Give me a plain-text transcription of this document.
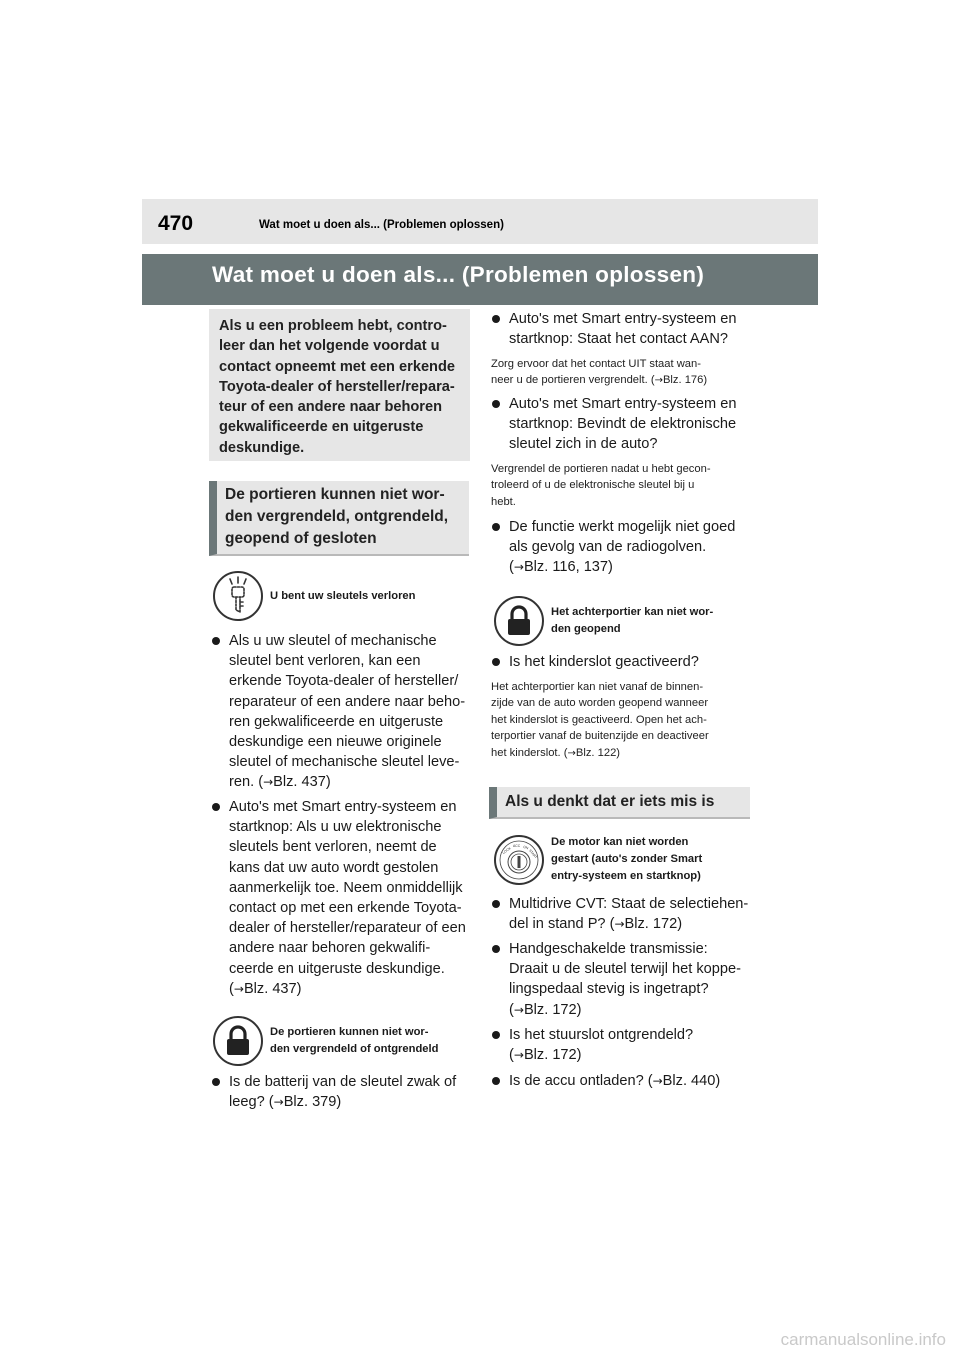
470	Wat moet u doen als... (Problemen oplossen)
Wat moet u doen als... (Problemen oplossen)
Als u een probleem hebt, contro-
leer dan het volgende voordat u
contact opneemt met een erkende
Toyota-dealer of hersteller/repara-
teur of een andere naar behoren
gekwalificeerde en uitgeruste
deskundige.
De portieren kunnen niet wor-
den vergrendeld, ontgrendeld,
geopend of gesloten
U bent uw sleutels verloren
Als u uw sleutel of mechanische
sleutel bent verloren, kan een
erkende Toyota-dealer of hersteller/
reparateur of een andere naar beho-
ren gekwalificeerde en uitgeruste
deskundige een nieuwe originele
sleutel of mechanische sleutel leve-
ren. (→Blz. 437)
Auto's met Smart entry-systeem en
startknop: Als u uw elektronische
sleutels bent verloren, neemt de
kans dat uw auto wordt gestolen
aanmerkelijk toe. Neem onmiddellijk
contact op met een erkende Toyota-
dealer of hersteller/reparateur of een
andere naar behoren gekwalifi-
ceerde en uitgeruste deskundige.
(→Blz. 437)
De portieren kunnen niet wor-
den vergrendeld of ontgrendeld
Is de batterij van de sleutel zwak of
leeg? (→Blz. 379)
Auto's met Smart entry-systeem en
startknop: Staat het contact AAN?
Zorg ervoor dat het contact UIT staat wan-
neer u de portieren vergrendelt. (→Blz. 176)
Auto's met Smart entry-systeem en
startknop: Bevindt de elektronische
sleutel zich in de auto?
Vergrendel de portieren nadat u hebt gecon-
troleerd of u de elektronische sleutel bij u
hebt.
De functie werkt mogelijk niet goed
als gevolg van de radiogolven.
(→Blz. 116, 137)
Het achterportier kan niet wor-
den geopend
Is het kinderslot geactiveerd?
Het achterportier kan niet vanaf de binnen-
zijde van de auto worden geopend wanneer
het kinderslot is geactiveerd. Open het ach-
terportier vanaf de buitenzijde en deactiveer
het kinderslot. (→Blz. 122)
Als u denkt dat er iets mis is
LOCK
ACC ON
START
De motor kan niet worden
gestart (auto's zonder Smart
entry-systeem en startknop)
Multidrive CVT: Staat de selectiehen-
del in stand P? (→Blz. 172)
Handgeschakelde transmissie:
Draait u de sleutel terwijl het koppe-
lingspedaal stevig is ingetrapt?
(→Blz. 172)
Is het stuurslot ontgrendeld?
(→Blz. 172)
Is de accu ontladen? (→Blz. 440)
carmanualsonline.info
